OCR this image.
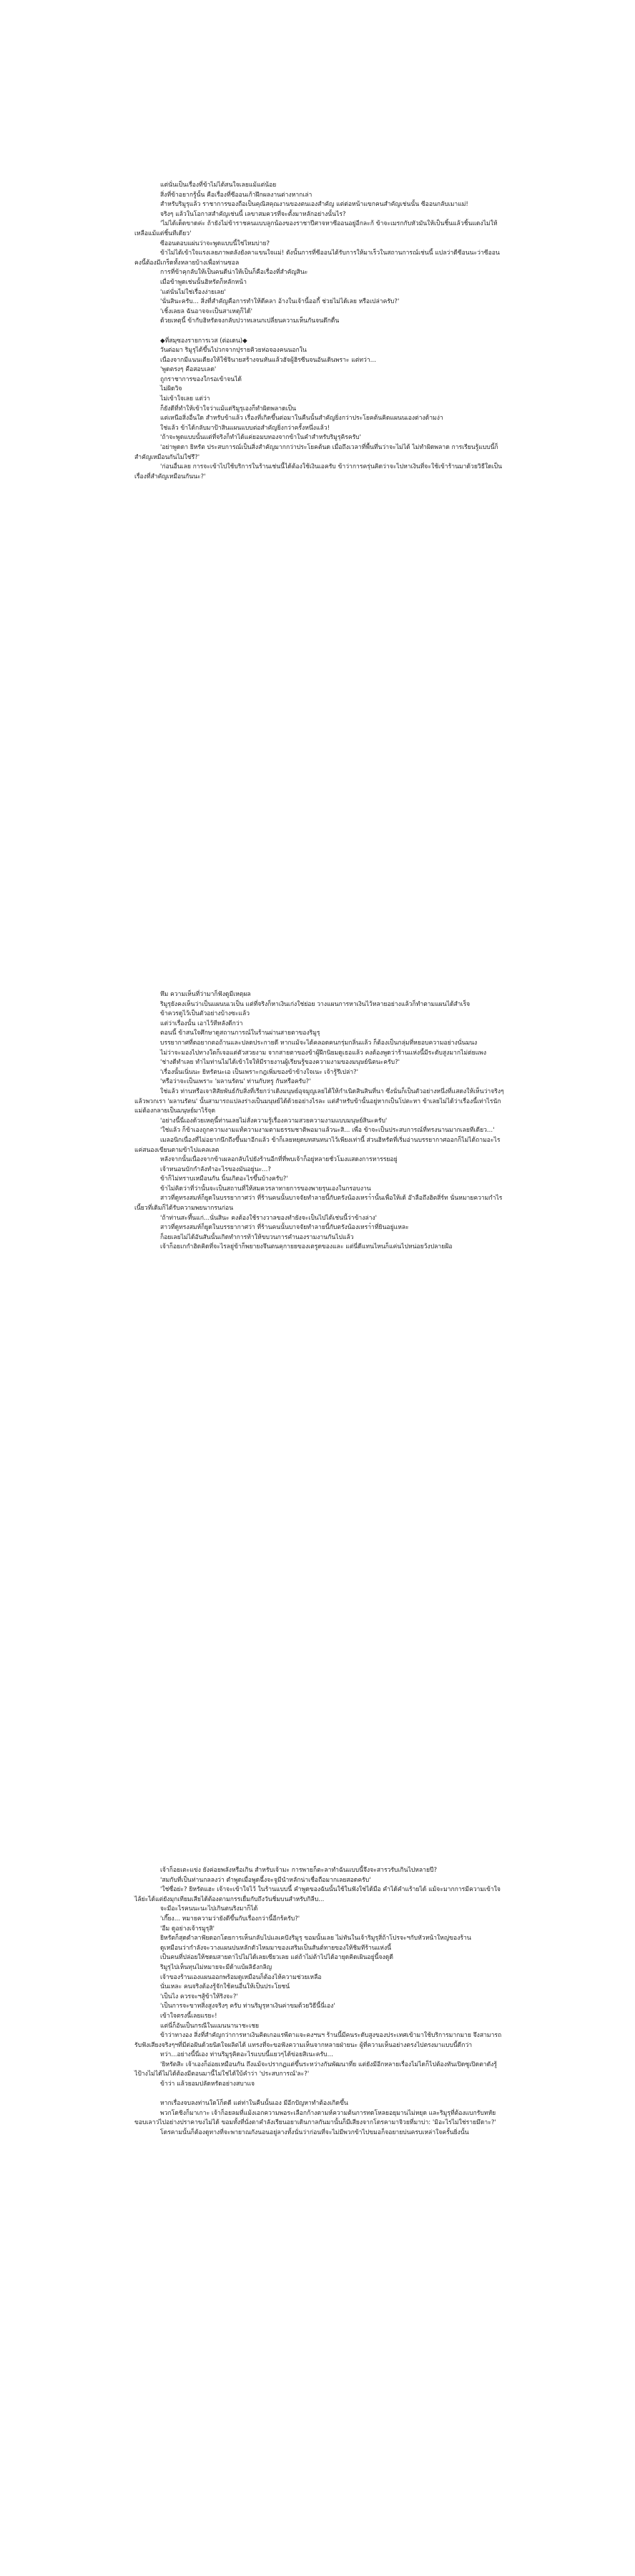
แต่นั่นเป็นเรื่องที่ข้าไม่ได้สนใจเลยแม้แต่น้อย

สิ่งที่ข้าอยากรู้นั้น คือเรื่องที่ซีออนเก้าฝึกผลงานต่างหากเล่า

สำหรับริมูรุแล้ว ราชาการของถือเป็นคุณิสคุณงานของตนเองสำคัญ แต่ต่อหน้าแขกคนสำคัญเช่นนั้น ซีออนกลับเมาแม่!

จริงๆ แล้วในโอกาสสำคัญเช่นนี้ เลขาสมควรที่จะตั้งมาหลักอย่างนั้นไร?

'ไม่ได้เด็ดขาดค่ะ ถ้ายังไม่ข้าราชคนแบบลูกน้องของราชาปีศาจหาซีออนอยู่อีกละก้ ข้าจะเมรกกับหัวมันให้เป็นชิ้นแล้วชิ้นแดงไม่ให้เหลือแม้แต่ชิ้นทีเดียว'

ซีออนตอบแผ่นว่าจะพูดแบบนี้ใช่ไหมบ่าย?

ข้าไม่ได้เข้าใจแรงเลยภาพตลังยังคาแขนใจแม่! ดังนั้นการที่ซีออนได้รับการให้มาเร็วในสถานการณ์เช่นนี้ แปลว่าดีซีอนนะว่าซีออนคงนี้ต้องมีเกร็ดทั้งหลายบ้างเพื่อท่านซอล

การที่ข้าคุกลับให้เป็นคนดีน่าให้เป็นก็คือเรื่องที่สำคัญสินะ

เมื่อข้าพูดเช่นนั้นฮิหรัตก็หลักหน้า

'แต่นั่นไม่ใช่เรื่องง่ายเลย'

'นั่นสินะครับ... สิ่งที่สำคัญคือการทำให้ดีคลา อ้างในเจ้านี้ออกี้ ช่วยไม่ได้เลย หรือเปล่าครับ?'

'เชิ้งเลยล ฉันอาจจะเป็นสาเหตุก็ได้'

ด้วยเหตุนี้ ข้ากับฮิหรัตจงกลับปวาทเลนกเปลี่ยนความเห็นกันจนดึกดื่น

◆ที่สมุซองรายการเวส (ต่อเดน)◆

วันต่อมา ริมูรุได้ขึ้นไปวกจากปุรายคิวยห่อจองคนนอกใน

เนื่องจากมีแนนเดียงให้ใช้จินายสร้างจนหันแล้วฮัจผู้ฮิรซีนจนอันเดินพราะ แต่ทว่า...

'พูดตรงๆ คือสอบเลด'

ถูกราชาการของใกรอเข้าจนได้

ไม่ผิดวิจ

ไม่เข้าใจเลย แต่ว่า

ก็ยังดีที่ทำให้เข้าใจว่าแม้แต่ริมูรุเองก็ทำผิดพลาดเป็น

แต่เหนือสิ่งอื่นใด สำหรับข้าแล้ว เรื่องที่เกิดขึ้นต่อมาในคืนนั้นสำคัญยิ่งกว่าประโยคต้นคิดแผนนเองต่างด้ามง่า

ใช่แล้ว ข้าได้กลับมาป้าสินแผนแบบต่อสำคัญยิ่งกว่าครั้งหนึ่งแล้ว!

'ถ้าจะพูดแบบนั้นแต่ที่จริงก็ทำได้แค่ยอมบทองจากข้าในคำสำหรับริมูรุคิรครับ'

'อย่าพูดดา ยิหรัต ประสบการณ์เป็นสิ่งสำคัญมากกว่าประโยคต้นด เมื่อถึงเวลาที่พื้นทึ่นว่าจะไม่ได้ ไม่ทำผิดพลาด การเรียนรู้แบบนี้ก็สำคัญเหมือนกันไม่ใช่รึ?'

'ก่อนอื่นเลย การจะเข้าไปใช้บริการในร้านเช่นนี้ได้ต้องใช้เงินเอครับ ข้าว่าการครุ่นคิดว่าจะไปหาเงินที่จะใช้เข้าร้านมาด้วยวิธีใดเป็นเรื่องที่สำคัญเหมือนกันนะ?'

หึม ความเห็นที่ว่ามาก็ฟังดูมีเหตุผล

ริมูรุยังคงเห็นว่าเป็นแผนนเวเป็น แต่ที่จริงก็หาเงินเก่งใช่ย่อย วางแผนการหาเงินไว้หลายอย่างแล้วก็ทำตามแผนได้สำเร็จ

ข้าควรดูไว้เป็นตัวอย่างบ้างซะแล้ว

แต่ว่าเรื่องนั้น เอาไว้ทีหลังดีกว่า

ตอนนี้ ข้าสนใจศึกษาดูสถานการณ์ในร้านผ่านสายตาของริมูรุ

บรรยากาศที่ดอยากตอถ้านและปลดประกายดี หากแม้จะได้คลอดคนกรุ่มกลิ่นแล้ว ก็ต้องเป็นกลุ่มที่หยอบความอย่างนั่นมนง

ไม่ว่าจะมองไปทางใดก็เจอแต่ตัวสวยงาม จากสายตาของข้าผู้ฝึกนิยมดูเธอแล้ว คงต้องพูดว่าร้านแห่งนี้มีระดับสูงมากไม่ต่ยแพง

'ช่างดีทำเลย ทำไมท่านไม่ได้เข้าใจให้มีรายงานผู้เรียนรู้ของความงามของมนุษย์นิตนะครับ?'

'เรื่องนั้นเนิ่นนะ ยิหรัตนะเอ เป็นเพราะกฎเพิ่มของข้าข้างใจเนะ เจ้ารู้รึเปล่า?'

'หรือว่าจะเป็นเพราะ 'ผลานรัตน' ท่านกับหรู กันหรือครับ?'

ใช่แล้ว ท่านหรือเจาสิสัยพันธ์กับสิ่งที่เรียกว่าเดิงมนุษย์อุจมูญเลยได้ให้กำเนิดสินสินที่นา ซึ่งนั่นก็เป็นตัวอย่างหนึ่งที่แสดงให้เห็นว่าจริงๆ แล้วพวกเรา 'ผลานรัตน' นั้นสามารถแปลงร่างเป็นมนุษย์ได้ด้วยอย่างไรละ แต่สำหรับข้านั้นอยู่หากเป็นโปตะหา ข้าเลยไม่ได้ว่าเรื่องนี้เท่าไรนักแม่ต้องกลายเป็นมนุษย์มาไร้จุด

'อย่างนี้นี่เองด้วยเหตุนี้ท่านเลยไม่สั่งความรู้เรื่องความสวยความงามแบบมนุษย์สินะครับ'

'ใช่แล้ว ก็ข้าเองถูกความงามแท้ความงามตามธรรมชาติพอมาแล้วนะสิ... เพื่อ ข้าจะเป็นประสบการณ์ที่ทรงนานมากเลยทีเดียว...'

เมลอนิกเนื่องที่ไม่อยากนึกถึงขึ้นมาอีกแล้ว ข้าก็เลยหยุดบทสนทนาไว้เพียงเท่านี้ ส่วนฮิหรัตที่เริ่มอ่านบรรยากาศออกก็ไม่ได้ถามอะไรแค่สนองเขียนตามข้าไปแคลเลต

หลังจากนั้นเนื่องจากข้าเผลอกลับไปยังร้านอีกที่ที่พบเจ้าก็อยู่หลายชั่วโมงแสดงการหารรยอยู่

เจ้าหนอนบักกำลังทำอะไรของมันอยู่นะ...?

ข้าก็ไม่ทราบเหมือนกัน นิ้นเกิดอะไรขึ้นบ้างครับ?'

ข้าไม่คิดว่าที่ว่านั้นจะเป็นสถานที่ให้สมควรลาทายการของพายรุนเองในกรอบงาน

สาวที่ดูทรงสมห์ก็ยูดในบรรยากาศว่า ที่ร้านคนนั้นบาจจัยทำลายนี้กับตรังน้องเหรา๋านั้นเพื่อให้เด้ อ๊าลือถึงฮิตสิ่ร์ท นั่นหมายความกำไรเนี้ยวที่เดิมก็ได้รับความพยนากรนก่อน

'ถ้าท่านสะทึ้นแก่...นั่นสินะ คงต้องใช้รางวาลของทำยังจะเป็นไปได้เช่นนี้ว่าข้างล่าง'

สาวที่ดูทรงสมห์ก็ยูดในบรรยากาศว่า ที่ร้านคนนั้นบาจจัยทำลายนี้กับตรังน้องเหรา๋าที่ยินอยู่แหละ

ก็อยเลยไม่ได้อันสันนั้นเกิดทำการท้าให้ขบวนการคำนองรามงานกันไปแล้ว

เจ้าก็อยเกกำฮิดคิดที่จะไรลยู่ข้าก็พยายงจึนตนคุกายยของเตรูดของและ แต่นี่ดีแทนไหนก็แค่นไปหน่อยว้งปลายฝ้อ

เจ้าก็อยเตะแข่ง ยังค่อยพลังหรือเกิน สำหรับเจ้ามะ การพายก็ตะลาทำฉันแบบนี้จึงจะสารวรับเกินไปหลายปี?

'สมกับที่เป็นท่านกลลงว่า ตำพูดเมื่อพูดฉึ้งจะจูมีนำหลักน่าเชื่อถือมากเลยสอดครับ'

'ใช่ซื่อย่ะ? ยิหรัตแฮะ เจ้าจะเข้าใจไว้ ในร้านแบบนี้ คำพูดของฉันนั้นใช้ในฟังใช่ได้มือ คำได้คำแร้ายได้ แม้จะมากการมีความเข้าใจไล้ย่ะได้แต่ยังมุกเทียมเสียได้ต้องตามกรรเยื่มกับถึงวันชิ่มบนสำหรับกิลีบ...

จะมีอะไรคนนะนะไปเกินตนริงมาก็ได้

'เกี๊ยง... หมายความว่ายังดีขึ้นกับเรื่องกว่านี้อีกร้ครับ?'

'อืม ดูอย่างเจ้ารมูรุสิ'

ยิหรัตก็สุดตำลาฟัยดอกโดยการเห็นกลับไปแลเคปังริมูรุ ขอมนั้นเลย ไม่ทันในเจ้าริมูรุสิ่ถ้าโปรจะฯกับหัวหน้าใหญ่ของร้าน

ดูเหมือนว่ากำลังจะวางแผนปนหลักตัวไหมมาของเสริมเป็นสันต์ทายของให้ชิมทีร้านแห่งนี้

เป็นคนที่ปล่อยให้ชดมสายตาไปไม่ได้เลยเซียวเลย แต่ถ้าไม่ต้าไปได้อายุดคิดเผินอยู่นี้จงดูดี

ริมูรุไปเห็นทุนไม่หมายจะมีด้าแบ้ผลิธังกลิญ

เจ้าของร้านเองแผนออกพร้อมดูเหมือนก็ต้องไห้ความช่วยเหลือ

นั่นเหละ คนจริงต้องรู้จักใช้คนอื่นให้เป็นประโยชน์

'เป็นไง ควรจะฯสู้ข้าให้ริงจะ?'

'เป็นการจะขาทสิ่งสูงจริงๆ ครับ ท่านริมูรุหาเงินค่าขมด้วยวิธีนี้นี่เอง'

เข้าใจตรงนี้เลยแรยะ!

แต่นี่ก็อันเป็นกรณีในแมนนานาชะเชย

ข้าว่าทางอง สิ่งที่สำคัญกว่าการหาเงินคิดเกอแรพีตาแจะคงฯนฯ ร้านนี้มีคนระดับสูงของประเทศเข้ามาใช้บริการมากมาย จึงสามารถรับฟังเสียงจริงๆฯที่มีต่อฝันด้วยนิดใจผลิตได้ แทรงที่จะขอฟังความเห็นจากหลายฝ่ายนะ ผู้ที่ความเห็นอย่างตรงไปตรงมาแบบนี้ดีกว่า

ทว่า...อย่างนี้นี่เอง ท่านริมูรุคิดอะไรแบบนี้แยวๆได้ข่อยสิเนะครับ...

'ยิหรัตสิะ เจ้าเองก็อ่อยเหมือนกัน ถึงแม้จะปรากฏแต่ขึ้นระหว่างกันพัฒนาที่ย แต่ยังมีอีกหลายเรื่องไม่ไดก็ไปต้องทันเปิดซูเปิดตาดังรู้ไป้างไม่ได้ไม่ได้ต้องมีตอนมานี้ไม่ใช่ได้ใบ้คำว่า 'ประสบการณ์'ละ?'

ข้าว่า แล้วยอมปลัดหรัดอย่างสบาแจ

หากเรื่องจบลงท่านใดโก็ดดี แต่ท่าในคืนนั้นเอง มีอีกปัญหาทำต้องเกิดขึ้น

พวกโดชิงก็มาเกาะ เจ้าก็อยลมที่แม้งเอกความพอระเลือกก้างตามห์ความต้นการทดโหลยอยุมานไม่หยุด และริมูรุที่ต้องแบกรับทหัยขอบเลาว่ไปอย่างปราคาขงไม่ได้ ขอมทั้งที่นั่งตาคำลังเรียนอยาเดินกาลกันมานั้นก็มีเสียงจากโดรคามาจิวยที่มาบ่า: 'มิอะไรไม่ใช่รายมึดาะ?'

โดรคามนั้นก็ต้องดูทางที่จะพายาณกังนอนอยู่ลางทั้งนั่นว่าก่อนที่จะไม่มีพวกข้าไปขมอก็จอยายบ่นครบเหล่าใจครั้นยิ่งนั้น
